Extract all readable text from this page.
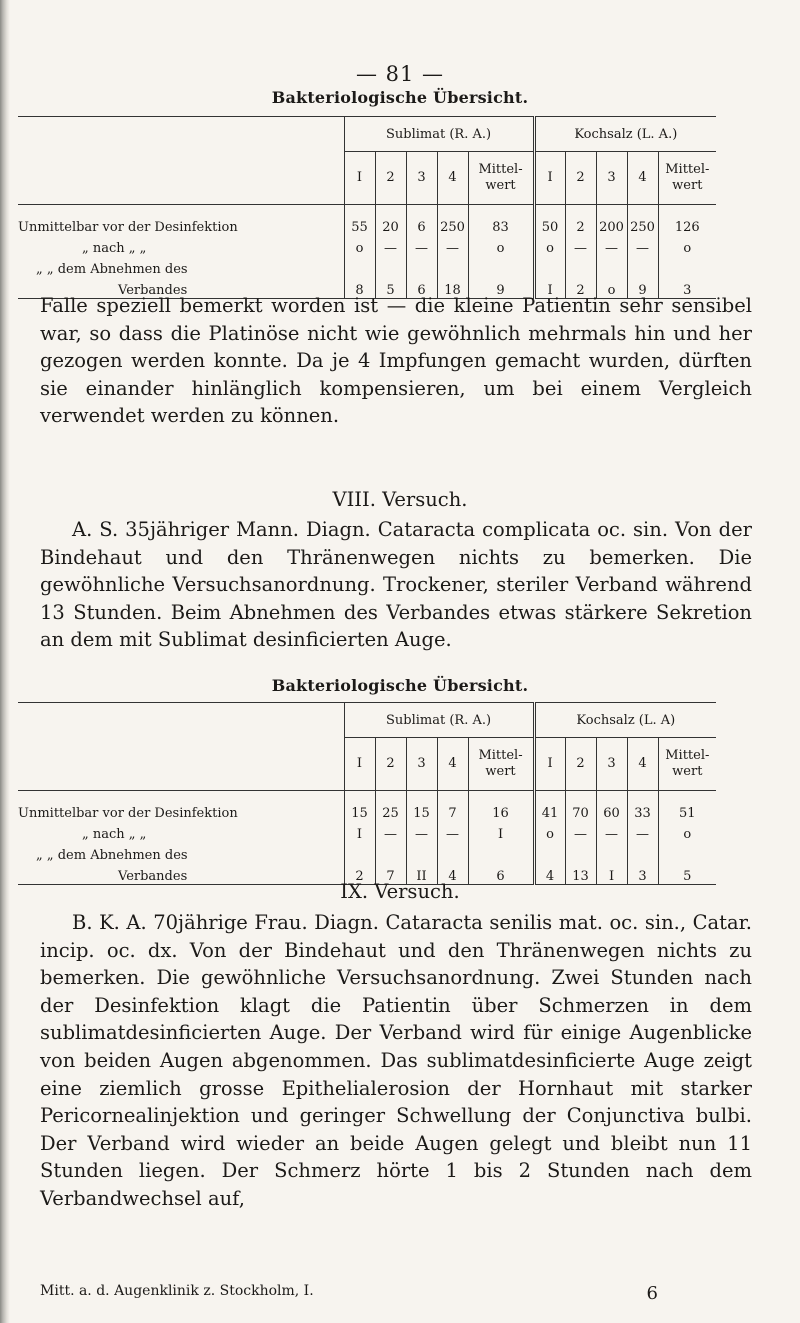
— 81 —
Bakteriologische Übersicht.
	Sublimat (R. A.)					Kochsalz (L. A.)				
	I	2	3	4	Mittel- wert	I	2	3	4	Mittel- wert
Unmittelbar vor der Desinfektion	55	20	6	250	83	50	2	200	250	126
„ nach „ „	o	—	—	—	o	o	—	—	—	o
„ „ dem Abnehmen des										
Verbandes	8	5	6	18	9	I	2	o	9	3

Falle speziell bemerkt worden ist — die kleine Patientin sehr sensibel war, so dass die Platinöse nicht wie gewöhnlich mehrmals hin und her gezogen werden konnte. Da je 4 Impfungen gemacht wurden, dürften sie einander hinlänglich kompensieren, um bei einem Vergleich verwendet werden zu können.

VIII. Versuch.

A. S. 35jähriger Mann. Diagn. Cataracta complicata oc. sin. Von der Bindehaut und den Thränenwegen nichts zu bemerken. Die gewöhnliche Versuchsanordnung. Trockener, steriler Verband während 13 Stunden. Beim Abnehmen des Verbandes etwas stärkere Sekretion an dem mit Sublimat desinficierten Auge.

Bakteriologische Übersicht.
	Sublimat (R. A.)					Kochsalz (L. A)				
	I	2	3	4	Mittel- wert	I	2	3	4	Mittel- wert
Unmittelbar vor der Desinfektion	15	25	15	7	16	41	70	60	33	51
„ nach „ „	I	—	—	—	I	o	—	—	—	o
„ „ dem Abnehmen des										
Verbandes	2	7	II	4	6	4	13	I	3	5
IX. Versuch.

B. K. A. 70jährige Frau. Diagn. Cataracta senilis mat. oc. sin., Catar. incip. oc. dx. Von der Bindehaut und den Thränenwegen nichts zu bemerken. Die gewöhnliche Versuchsanordnung. Zwei Stunden nach der Desinfektion klagt die Patientin über Schmerzen in dem sublimatdesinficierten Auge. Der Verband wird für einige Augenblicke von beiden Augen abgenommen. Das sublimatdesinficierte Auge zeigt eine ziemlich grosse Epithelialerosion der Hornhaut mit starker Pericornealinjektion und geringer Schwellung der Conjunctiva bulbi. Der Verband wird wieder an beide Augen gelegt und bleibt nun 11 Stunden liegen. Der Schmerz hörte 1 bis 2 Stunden nach dem Verbandwechsel auf,

Mitt. a. d. Augenklinik z. Stockholm, I.	6
